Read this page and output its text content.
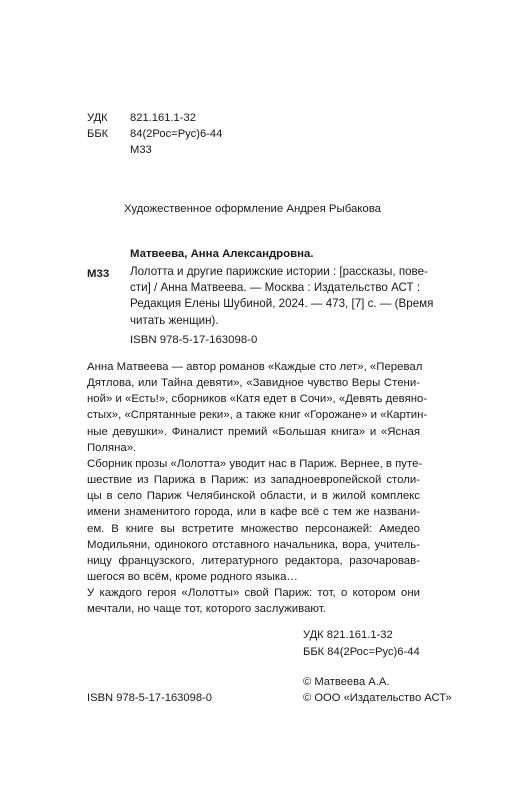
УДК 821.161.1-32
ББК 84(2Рос=Рус)6-44
М33
Художественное оформление Андрея Рыбакова
Матвеева, Анна Александровна.
М33 Лолотта и другие парижские истории : [рассказы, пове-
сти] / Анна Матвеева. — Москва : Издательство АСТ :
Редакция Елены Шубиной, 2024. — 473, [7] с. — (Время
читать женщин).
ISBN 978-5-17-163098-0
Анна Матвеева — автор романов «Каждые сто лет», «Перевал
Дятлова, или Тайна девяти», «Завидное чувство Веры Стени-
ной» и «Есть!», сборников «Катя едет в Сочи», «Девять девяно-
стых», «Спрятанные реки», а также книг «Горожане» и «Картин-
ные девушки». Финалист премий «Большая книга» и «Ясная
Поляна».
Сборник прозы «Лолотта» уводит нас в Париж. Вернее, в путе-
шествие из Парижа в Париж: из западноевропейской столи-
цы в село Париж Челябинской области, и в жилой комплекс
имени знаменитого города, или в кафе всё с тем же названи-
ем. В книге вы встретите множество персонажей: Амедео
Модильяни, одинокого отставного начальника, вора, учитель-
ницу французского, литературного редактора, разочаровав-
шегося во всём, кроме родного языка…
У каждого героя «Лолотты» свой Париж: тот, о котором они
мечтали, но чаще тот, которого заслуживают.
УДК 821.161.1-32
ББК 84(2Рос=Рус)6-44
© Матвеева А.А.
ISBN 978-5-17-163098-0	© ООО «Издательство АСТ»
